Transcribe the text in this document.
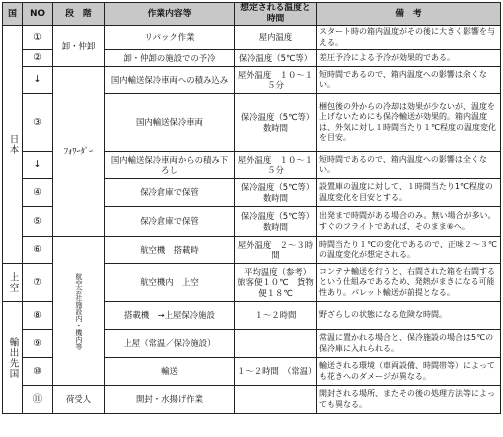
国	NO	段　階	作業内容等	想定される温度と時間	備　考
日本	①	卸・仲卸	リパック作業	屋内温度	スタート時の箱内温度がその後に大きく影響を与える。
	②		卸・仲卸の施設での予冷	保冷温度（5℃等）	差圧予冷による予冷が効果的である。
	↓	ﾌｫﾜｰﾀﾞｰ	国内輸送保冷車両への積み込み	屋外温度　１０～１５分	短時間であるので、箱内温度への影響は余くない。
	③		国内輸送保冷車両	保冷温度（5℃等）　数時間	梱包後の外からの冷却は効果が少ないが、温度を上げないためにも保冷輸送が効果的。箱内温度は、外気に対し１時間当たり１℃程度の温度変化を目安。
	↓		国内輸送保冷車両からの積み下ろし	屋外温度　１０～１５分	短時間であるので、箱内温度への影響は全くない。
	④		保冷倉庫で保管	保冷温度（5℃等）　数時間	設置庫の温度に対して、１時間当たり1℃程度の温度変化を目安とする。
	⑤		保冷倉庫で保管	保冷温度（5℃等）　数時間	出発まで時間がある場合のみ。無い場合が多い。すぐのフライトであれば、そのまま⑥へ。
	⑥	航空会社施設内・機内等	航空機　搭載時	屋外温度　２～３時間	時間当たり１℃の変化であるので、正味２～３℃の温度変化が想定される。
上空	⑦		航空機内　上空	平均温度（参考）　旅客便１０℃　貨物便１８℃	コンテナ輸送を行うと、右間された箱を右間するという仕組みであるため、発熱がまきになる可能性あり。パレット輸送が前提となる。
輸出先国	⑧		搭載機　→上屋保冷施設	１～２時間	野ざらしの状態になる危険な時間。
	⑨		上屋（常温／保冷施設）		常温に置かれる場合と、保冷施設の場合は5℃の保冷庫に入れられる。
	⑩		輸送	１～２時間　（常温）	輸送される環境（車両設備、時間帯等）によっても花きへのダメージが異なる。
	⑪	荷受人	開封・水揚げ作業		開封される場所、またその後の処理方法等によっても異なる。
